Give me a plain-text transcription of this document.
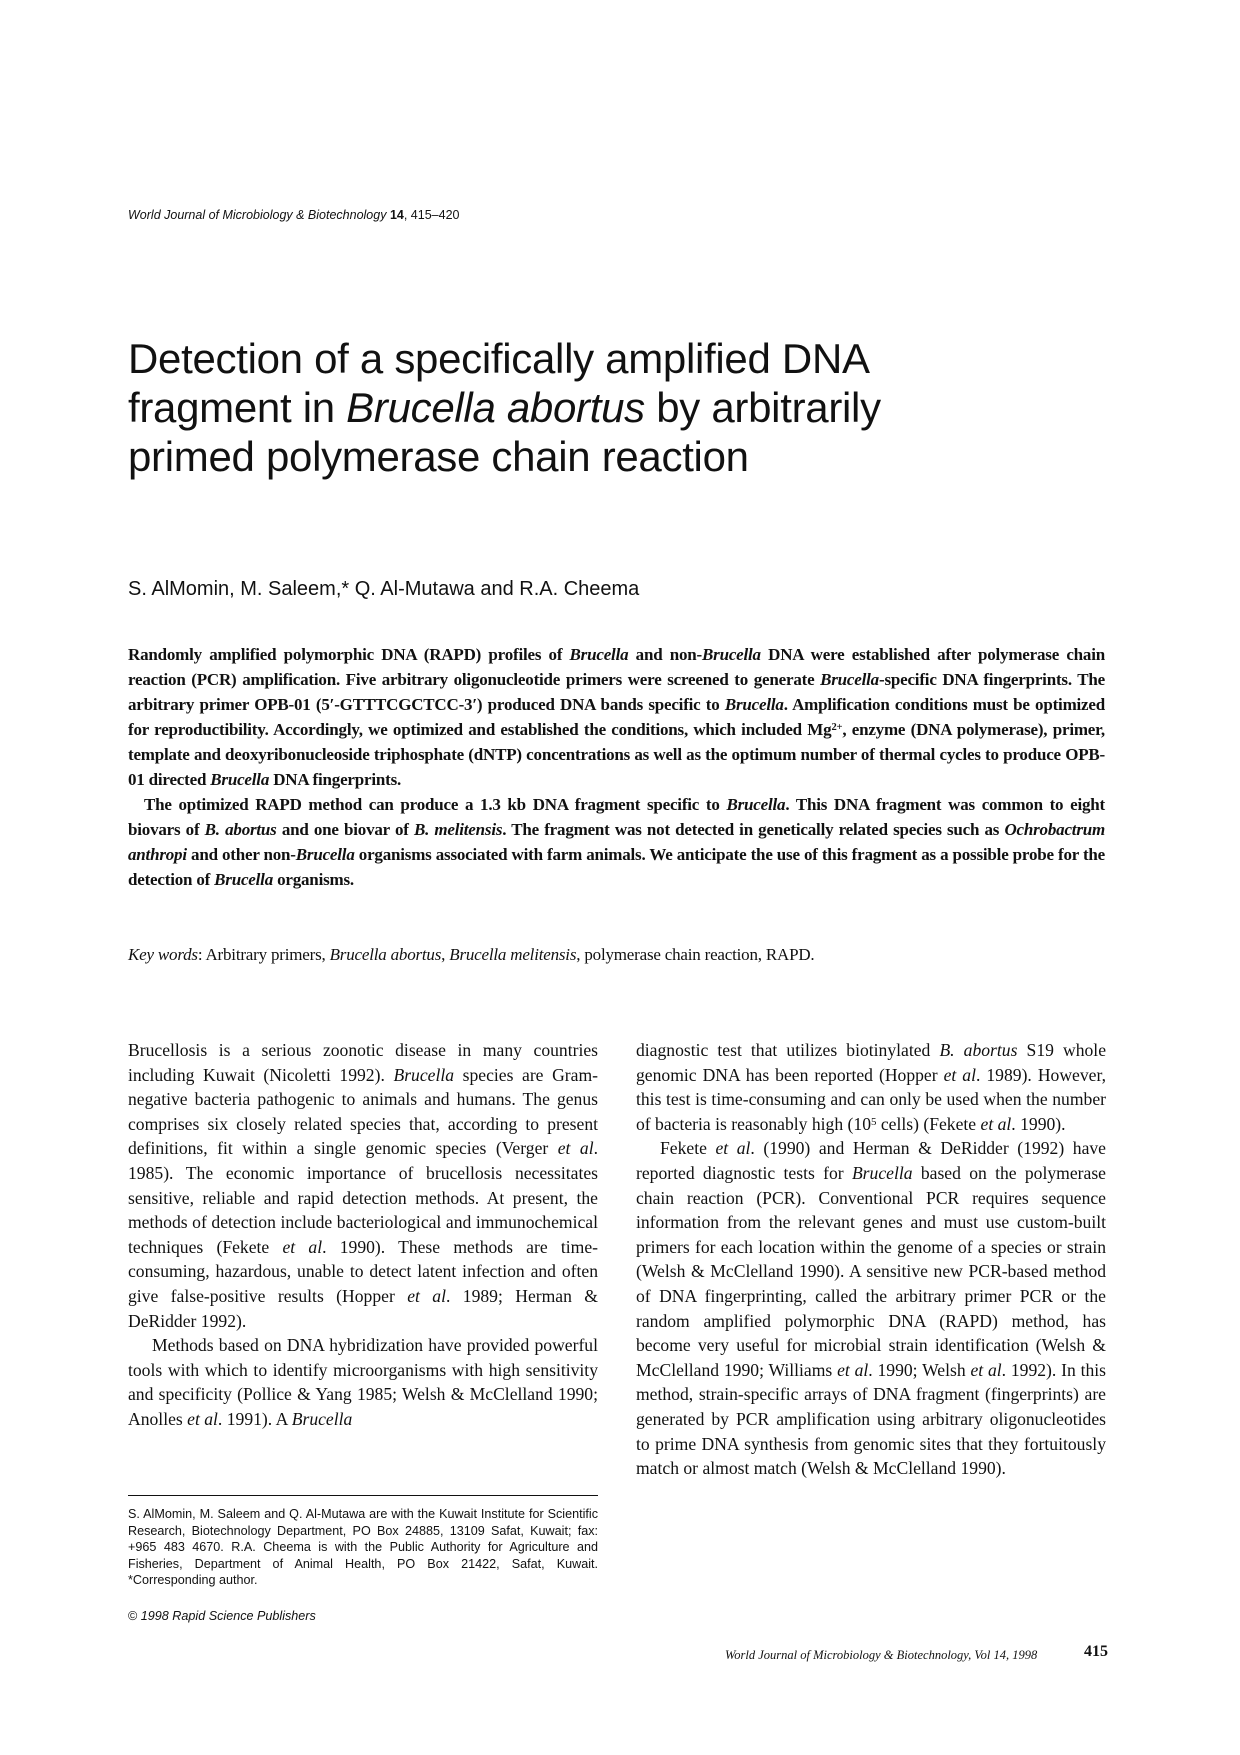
World Journal of Microbiology & Biotechnology 14, 415–420
Detection of a specifically amplified DNA
fragment in Brucella abortus by arbitrarily
primed polymerase chain reaction
S. AlMomin, M. Saleem,* Q. Al-Mutawa and R.A. Cheema

Randomly amplified polymorphic DNA (RAPD) profiles of Brucella and non-Brucella DNA were established after polymerase chain reaction (PCR) amplification. Five arbitrary oligonucleotide primers were screened to generate Brucella-specific DNA fingerprints. The arbitrary primer OPB-01 (5′-GTTTCGCTCC-3′) produced DNA bands specific to Brucella. Amplification conditions must be optimized for reproductibility. Accordingly, we optimized and established the conditions, which included $Mg^{2+}$, enzyme (DNA polymerase), primer, template and deoxyribonucleoside triphosphate (dNTP) concentrations as well as the optimum number of thermal cycles to produce OPB-01 directed Brucella DNA fingerprints.

The optimized RAPD method can produce a 1.3 kb DNA fragment specific to Brucella. This DNA fragment was common to eight biovars of B. abortus and one biovar of B. melitensis. The fragment was not detected in genetically related species such as Ochrobactrum anthropi and other non-Brucella organisms associated with farm animals. We anticipate the use of this fragment as a possible probe for the detection of Brucella organisms.

Key words: Arbitrary primers, Brucella abortus, Brucella melitensis, polymerase chain reaction, RAPD.

Brucellosis is a serious zoonotic disease in many countries including Kuwait (Nicoletti 1992). Brucella species are Gram-negative bacteria pathogenic to animals and humans. The genus comprises six closely related species that, according to present definitions, fit within a single genomic species (Verger et al. 1985). The economic importance of brucellosis necessitates sensitive, reliable and rapid detection methods. At present, the methods of detection include bacteriological and immunochemical techniques (Fekete et al. 1990). These methods are time-consuming, hazardous, unable to detect latent infection and often give false-positive results (Hopper et al. 1989; Herman & DeRidder 1992).

Methods based on DNA hybridization have provided powerful tools with which to identify microorganisms with high sensitivity and specificity (Pollice & Yang 1985; Welsh & McClelland 1990; Anolles et al. 1991). A Brucella

diagnostic test that utilizes biotinylated B. abortus S19 whole genomic DNA has been reported (Hopper et al. 1989). However, this test is time-consuming and can only be used when the number of bacteria is reasonably high ($10^5$ cells) (Fekete et al. 1990).

Fekete et al. (1990) and Herman & DeRidder (1992) have reported diagnostic tests for Brucella based on the polymerase chain reaction (PCR). Conventional PCR requires sequence information from the relevant genes and must use custom-built primers for each location within the genome of a species or strain (Welsh & McClelland 1990). A sensitive new PCR-based method of DNA fingerprinting, called the arbitrary primer PCR or the random amplified polymorphic DNA (RAPD) method, has become very useful for microbial strain identification (Welsh & McClelland 1990; Williams et al. 1990; Welsh et al. 1992). In this method, strain-specific arrays of DNA fragment (fingerprints) are generated by PCR amplification using arbitrary oligonucleotides to prime DNA synthesis from genomic sites that they fortuitously match or almost match (Welsh & McClelland 1990).

S. AlMomin, M. Saleem and Q. Al-Mutawa are with the Kuwait Institute for Scientific Research, Biotechnology Department, PO Box 24885, 13109 Safat, Kuwait; fax: +965 483 4670. R.A. Cheema is with the Public Authority for Agriculture and Fisheries, Department of Animal Health, PO Box 21422, Safat, Kuwait. *Corresponding author.
© 1998 Rapid Science Publishers
World Journal of Microbiology & Biotechnology, Vol 14, 1998	415
